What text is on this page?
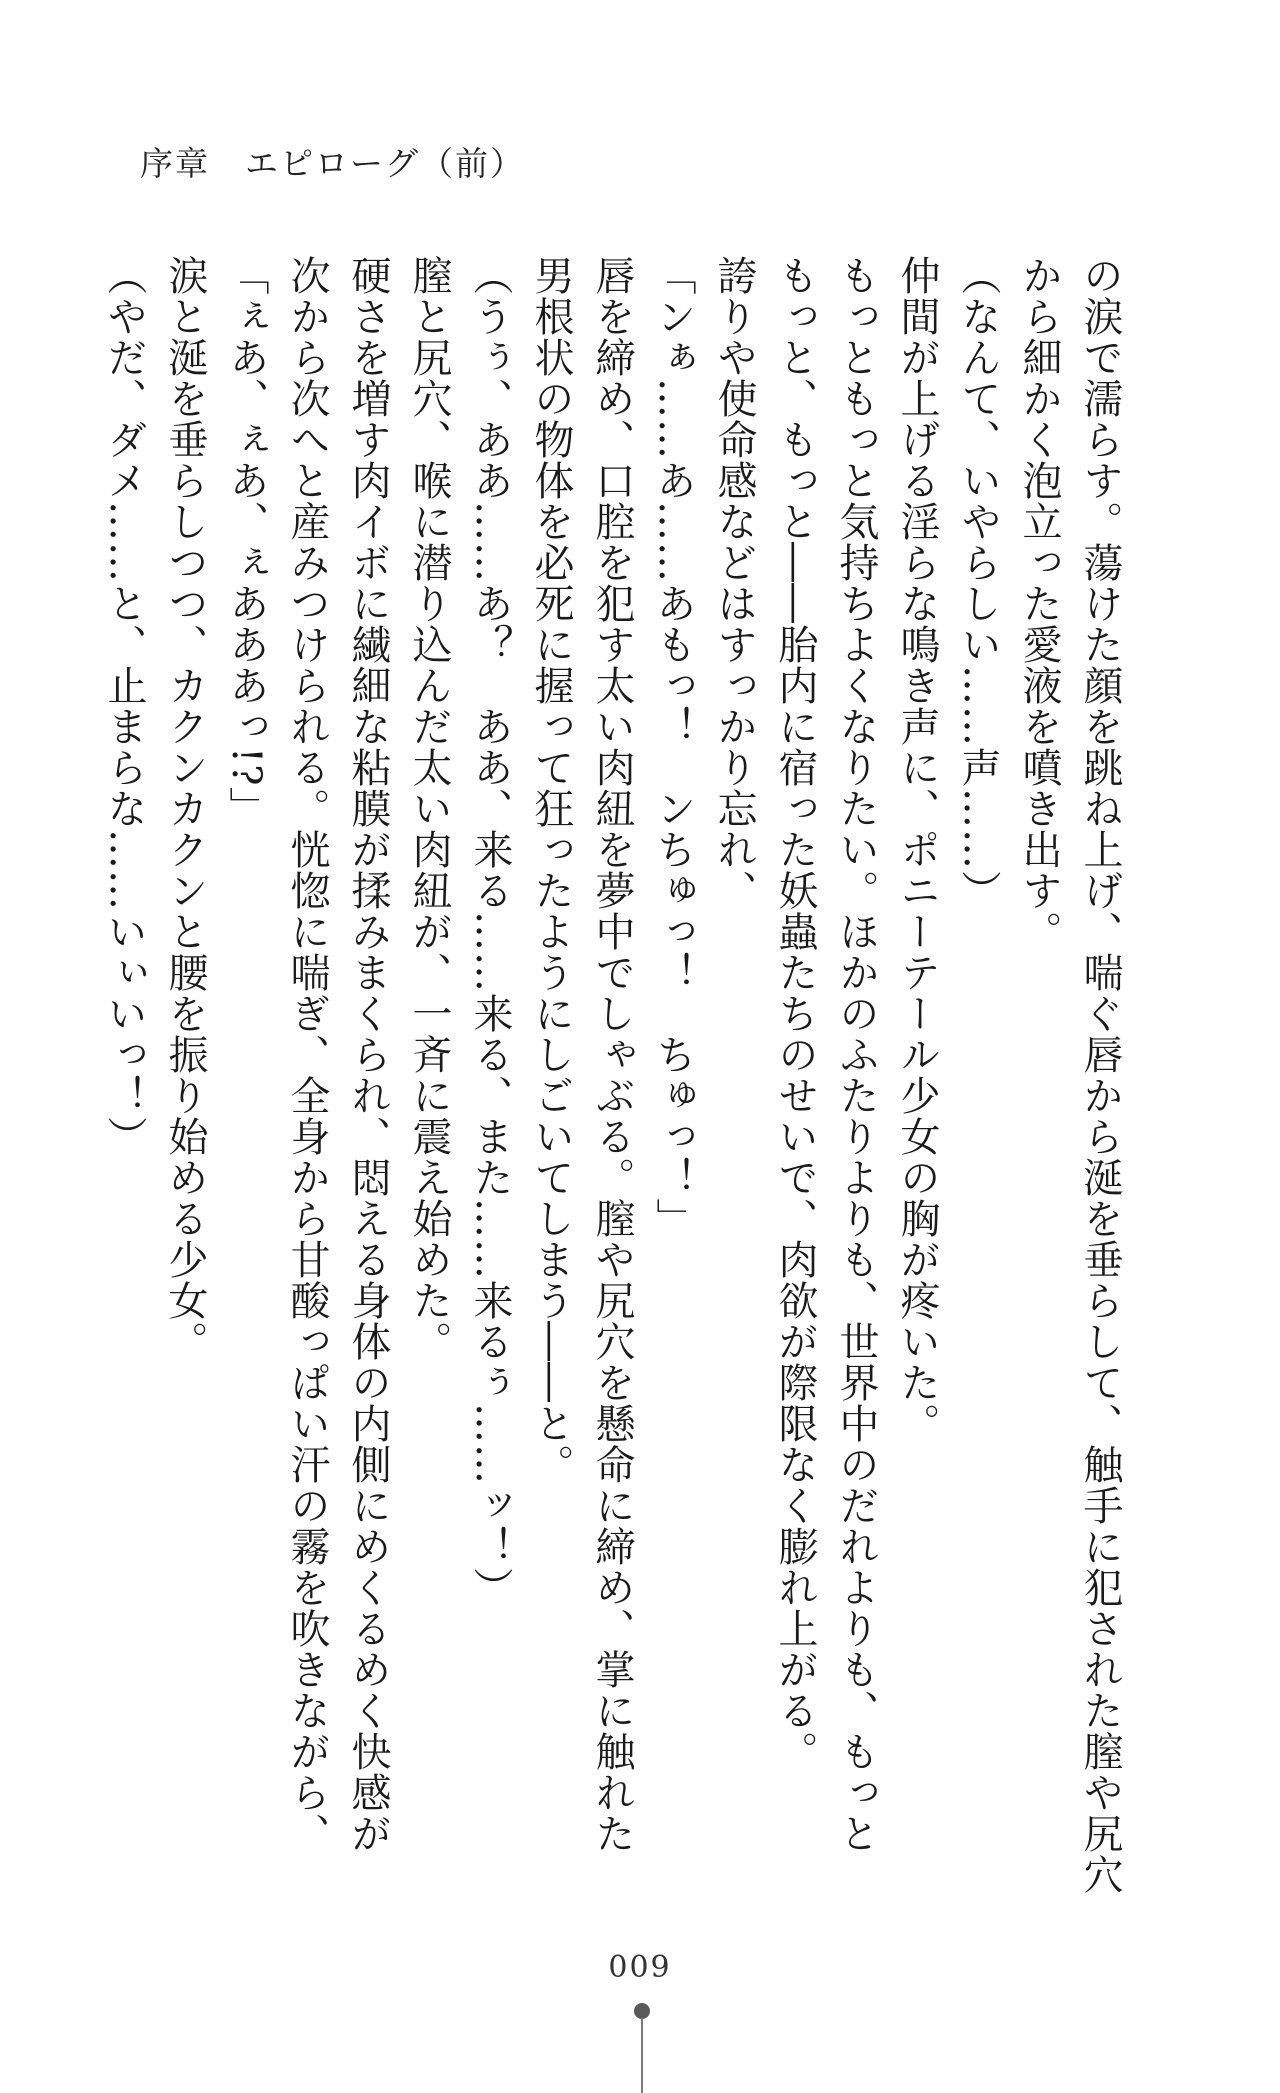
序章　エピローグ（前）

の涙で濡らす。蕩けた顔を跳ね上げ、喘ぐ唇から涎を垂らして、触手に犯された膣や尻穴

から細かく泡立った愛液を噴き出す。

（なんて、いやらしい……声……）

仲間が上げる淫らな鳴き声に、ポニーテール少女の胸が疼いた。

もっともっと気持ちよくなりたい。ほかのふたりよりも、世界中のだれよりも、もっと

もっと、もっと――胎内に宿った妖蟲たちのせいで、肉欲が際限なく膨れ上がる。

誇りや使命感などはすっかり忘れ、

「ンぁ……あ……あもっ！　ンちゅっ！　ちゅっ！」

唇を締め、口腔を犯す太い肉紐を夢中でしゃぶる。膣や尻穴を懸命に締め、掌に触れた

男根状の物体を必死に握って狂ったようにしごいてしまう――と。

（うぅ、ああ……あ？　ああ、来る……来る、また……来るぅ……ッ！）

膣と尻穴、喉に潜り込んだ太い肉紐が、一斉に震え始めた。

硬さを増す肉イボに繊細な粘膜が揉みまくられ、悶える身体の内側にめくるめく快感が

次から次へと産みつけられる。恍惚に喘ぎ、全身から甘酸っぱい汗の霧を吹きながら、

「ぇあ、ぇあ、ぇあああっ!?」

涙と涎を垂らしつつ、カクンカクンと腰を振り始める少女。

（やだ、ダメ……と、止まらな……いぃいっ！）

009
